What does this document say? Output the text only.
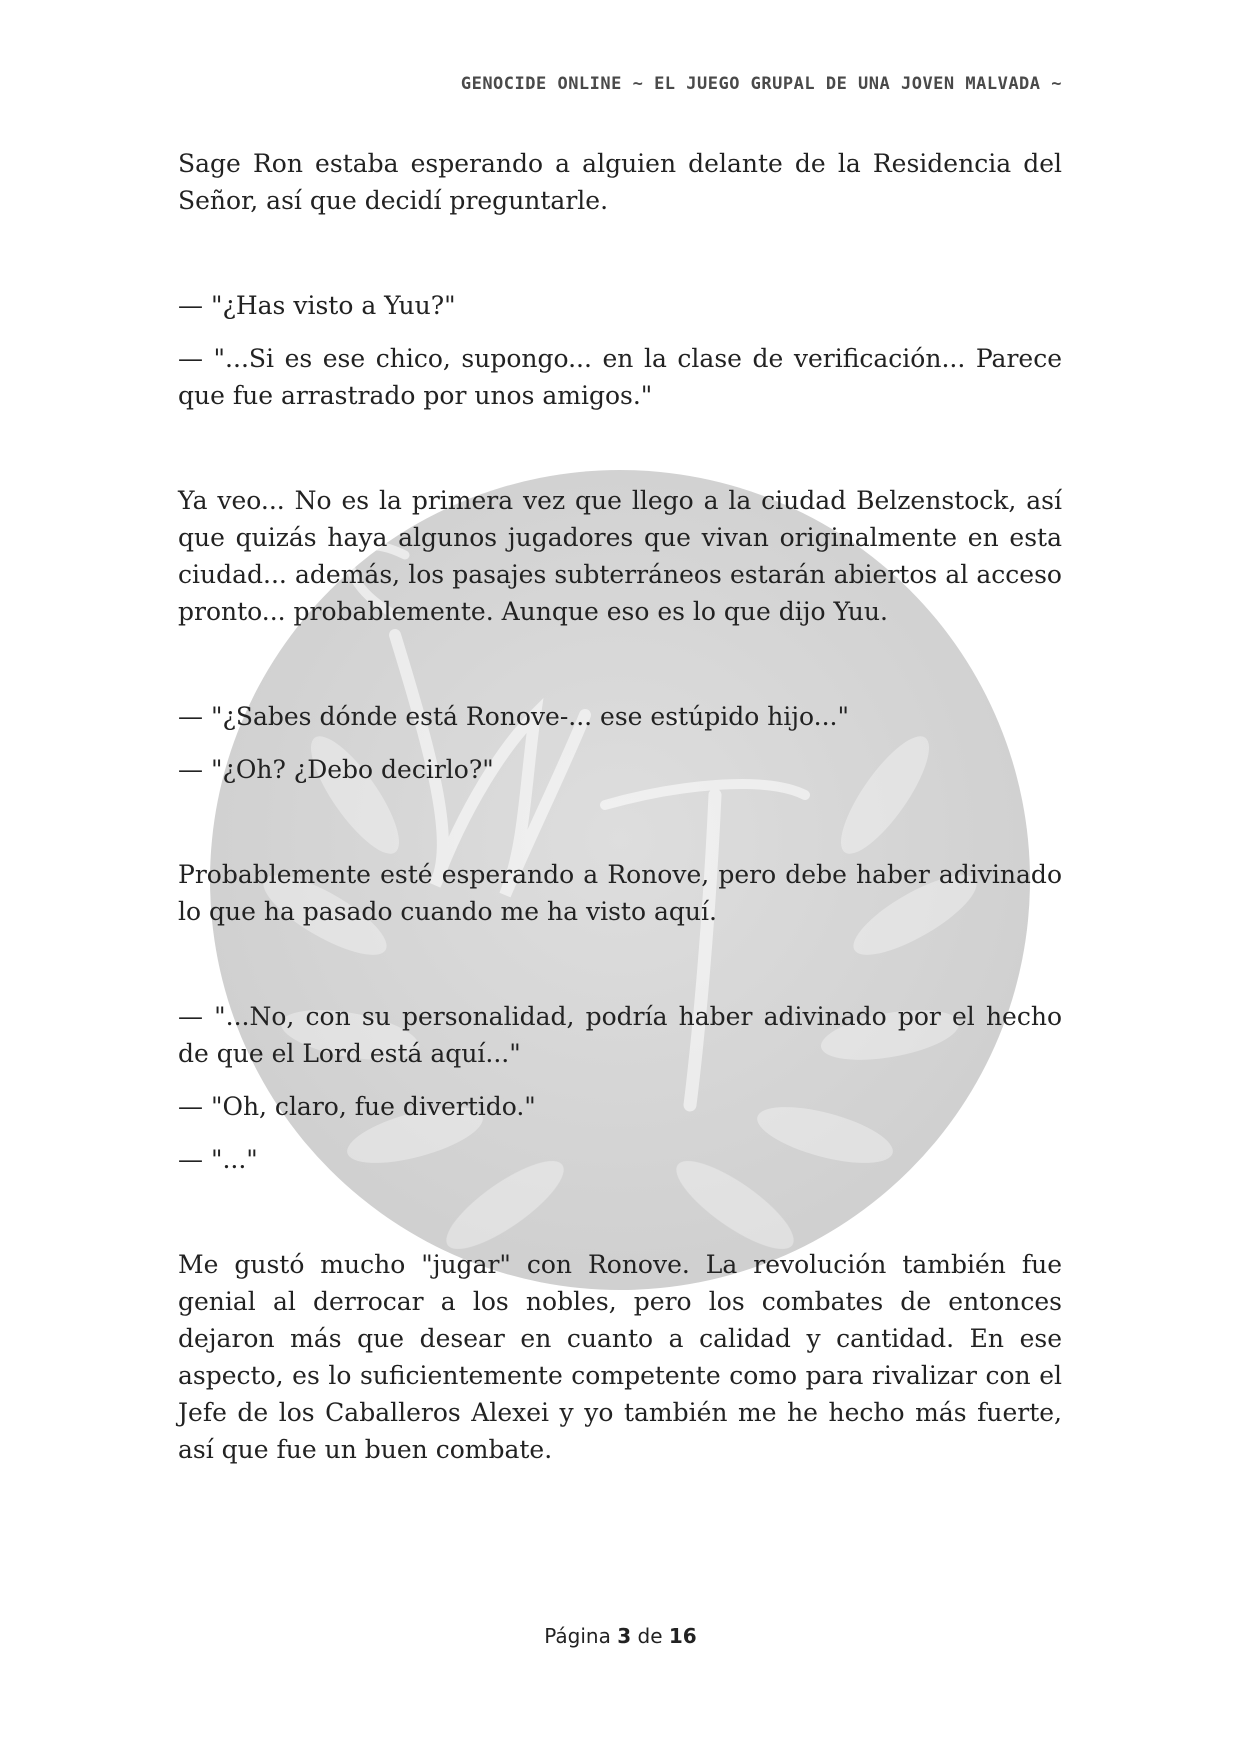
GENOCIDE ONLINE ~ EL JUEGO GRUPAL DE UNA JOVEN MALVADA ~

Sage Ron estaba esperando a alguien delante de la Residencia del Señor, así que decidí preguntarle.

— "¿Has visto a Yuu?"

— "...Si es ese chico, supongo... en la clase de verificación... Parece que fue arrastrado por unos amigos."

Ya veo... No es la primera vez que llego a la ciudad Belzenstock, así que quizás haya algunos jugadores que vivan originalmente en esta ciudad... además, los pasajes subterráneos estarán abiertos al acceso pronto... probablemente. Aunque eso es lo que dijo Yuu.

— "¿Sabes dónde está Ronove-... ese estúpido hijo..."

— "¿Oh? ¿Debo decirlo?"

Probablemente esté esperando a Ronove, pero debe haber adivinado lo que ha pasado cuando me ha visto aquí.

— "...No, con su personalidad, podría haber adivinado por el hecho de que el Lord está aquí..."

— "Oh, claro, fue divertido."

— "..."

Me gustó mucho "jugar" con Ronove. La revolución también fue genial al derrocar a los nobles, pero los combates de entonces dejaron más que desear en cuanto a calidad y cantidad. En ese aspecto, es lo suficientemente competente como para rivalizar con el Jefe de los Caballeros Alexei y yo también me he hecho más fuerte, así que fue un buen combate.

Página 3 de 16
